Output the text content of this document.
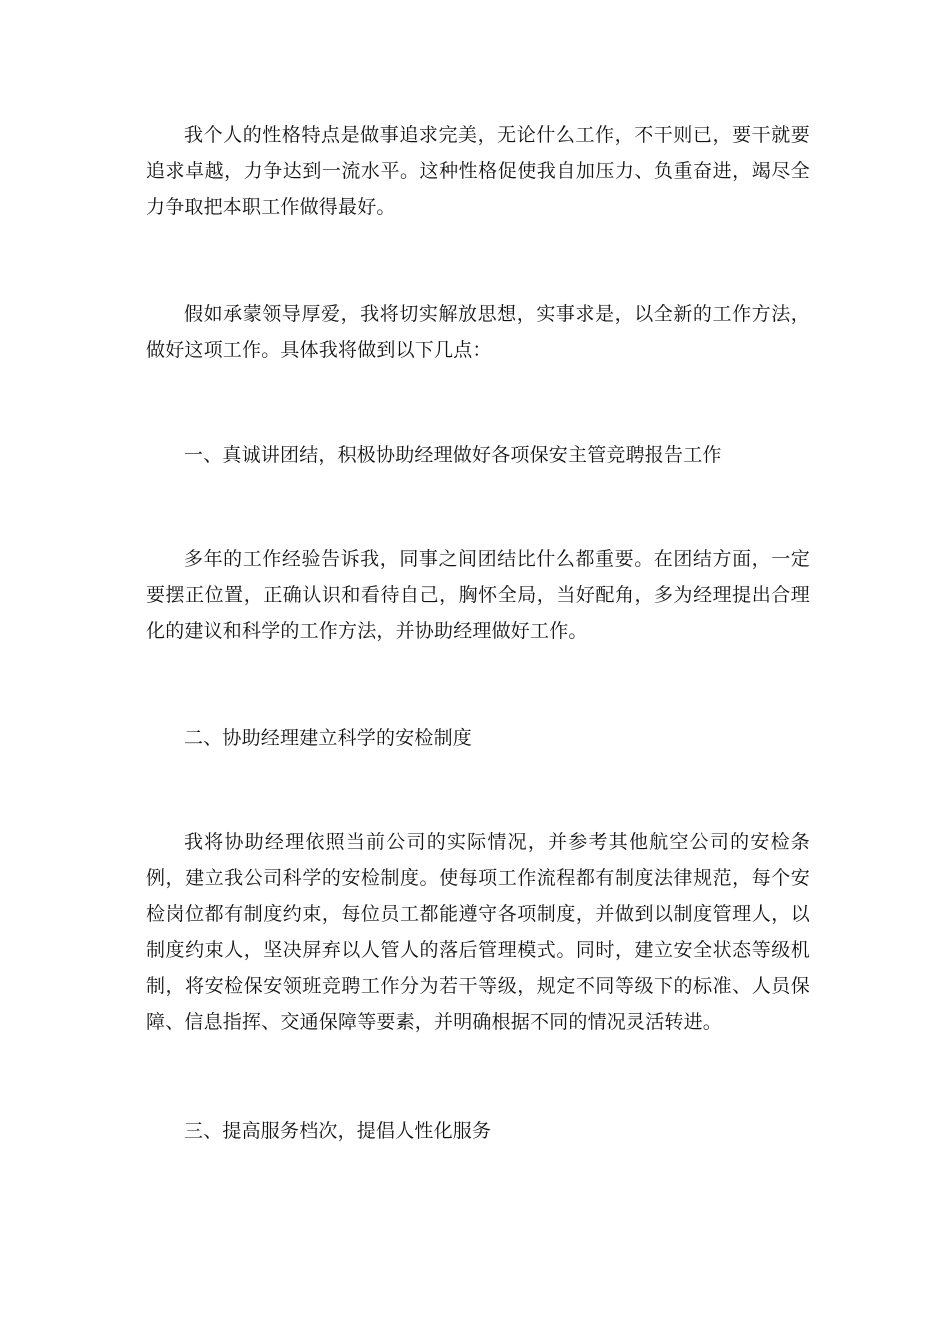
我个人的性格特点是做事追求完美，无论什么工作，不干则已，要干就要追求卓越，力争达到一流水平。这种性格促使我自加压力、负重奋进，竭尽全力争取把本职工作做得最好。

假如承蒙领导厚爱，我将切实解放思想，实事求是，以全新的工作方法，做好这项工作。具体我将做到以下几点：

一、真诚讲团结，积极协助经理做好各项保安主管竞聘报告工作

多年的工作经验告诉我，同事之间团结比什么都重要。在团结方面，一定要摆正位置，正确认识和看待自己，胸怀全局，当好配角，多为经理提出合理化的建议和科学的工作方法，并协助经理做好工作。

二、协助经理建立科学的安检制度

我将协助经理依照当前公司的实际情况，并参考其他航空公司的安检条例，建立我公司科学的安检制度。使每项工作流程都有制度法律规范，每个安检岗位都有制度约束，每位员工都能遵守各项制度，并做到以制度管理人，以制度约束人，坚决屏弃以人管人的落后管理模式。同时，建立安全状态等级机制，将安检保安领班竞聘工作分为若干等级，规定不同等级下的标准、人员保障、信息指挥、交通保障等要素，并明确根据不同的情况灵活转进。

三、提高服务档次，提倡人性化服务
